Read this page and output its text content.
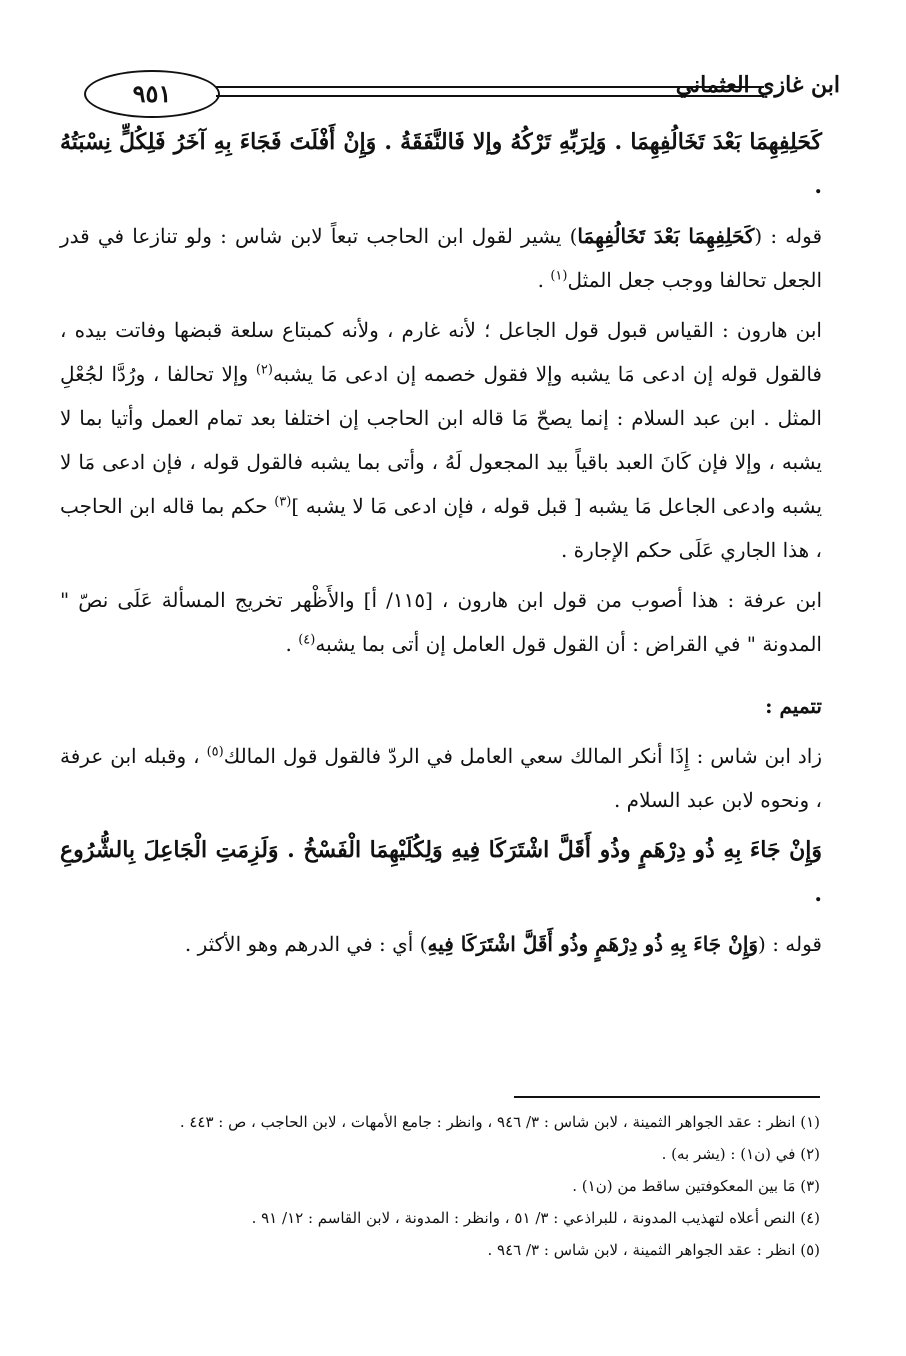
٩٥١	ابن غازي العثماني

كَحَلِفِهِمَا بَعْدَ تَخَالُفِهِمَا . وَلِرَبِّهِ تَرْكُهُ وإلا فَالنَّفَقَةُ . وَإِنْ أَفْلَتَ فَجَاءَ بِهِ آخَرُ فَلِكُلٍّ نِسْبَتُهُ .

قوله : (كَحَلِفِهِمَا بَعْدَ تَخَالُفِهِمَا) يشير لقول ابن الحاجب تبعاً لابن شاس : ولو تنازعا في قدر الجعل تحالفا ووجب جعل المثل$^{(١)}$ .

ابن هارون : القياس قبول قول الجاعل ؛ لأنه غارم ، ولأنه كمبتاع سلعة قبضها وفاتت بيده ، فالقول قوله إن ادعى مَا يشبه وإلا فقول خصمه إن ادعى مَا يشبه$^{(٢)}$ وإلا تحالفا ، ورُدَّا لجُعْلِ المثل . ابن عبد السلام : إنما يصحّ مَا قاله ابن الحاجب إن اختلفا بعد تمام العمل وأتيا بما لا يشبه ، وإلا فإن كَانَ العبد باقياً بيد المجعول لَهُ ، وأتى بما يشبه فالقول قوله ، فإن ادعى مَا لا يشبه وادعى الجاعل مَا يشبه [ قبل قوله ، فإن ادعى مَا لا يشبه ]$^{(٣)}$ حكم بما قاله ابن الحاجب ، هذا الجاري عَلَى حكم الإجارة .

ابن عرفة : هذا أصوب من قول ابن هارون ، [١١٥/ أ] والأَظْهر تخريج المسألة عَلَى نصّ " المدونة " في القراض : أن القول قول العامل إن أتى بما يشبه$^{(٤)}$ .

تتميم :

زاد ابن شاس : إِذَا أنكر المالك سعي العامل في الردّ فالقول قول المالك$^{(٥)}$ ، وقبله ابن عرفة ، ونحوه لابن عبد السلام .

وَإِنْ جَاءَ بِهِ ذُو دِرْهَمٍ وذُو أَقَلَّ اشْتَرَكَا فِيهِ وَلِكُلَيْهِمَا الْفَسْخُ . وَلَزِمَتِ الْجَاعِلَ بِالشُّرُوعِ .

قوله : (وَإِنْ جَاءَ بِهِ ذُو دِرْهَمٍ وذُو أَقَلَّ اشْتَرَكَا فِيهِ) أي : في الدرهم وهو الأكثر .

(١) انظر : عقد الجواهر الثمينة ، لابن شاس : ٣/ ٩٤٦ ، وانظر : جامع الأمهات ، لابن الحاجب ، ص : ٤٤٣ .

(٢) في (ن١) : (يشر به) .

(٣) مَا بين المعكوفتين ساقط من (ن١) .

(٤) النص أعلاه لتهذيب المدونة ، للبراذعي : ٣/ ٥١ ، وانظر : المدونة ، لابن القاسم : ١٢/ ٩١ .

(٥) انظر : عقد الجواهر الثمينة ، لابن شاس : ٣/ ٩٤٦ .
